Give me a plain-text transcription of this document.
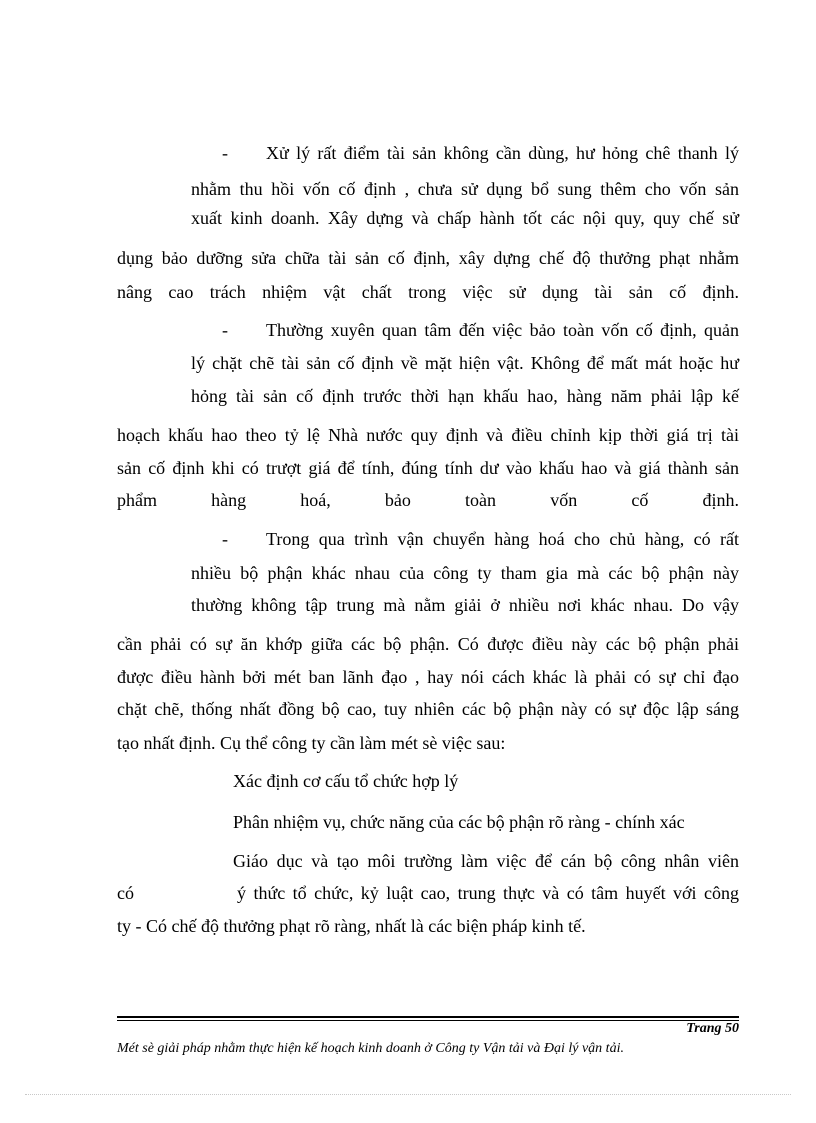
- Xử lý rất điểm tài sản không cần dùng, hư hỏng chê thanh lý
nhằm thu hồi vốn cố định , chưa sử dụng bổ sung thêm cho vốn sản
xuất kinh doanh. Xây dựng và chấp hành tốt các nội quy, quy chế sử
dụng bảo dưỡng sửa chữa tài sản cố định, xây dựng chế độ thưởng phạt nhằm
nâng cao trách nhiệm vật chất trong việc sử dụng tài sản cố định.
- Thường xuyên quan tâm đến việc bảo toàn vốn cố định, quản
lý chặt chẽ tài sản cố định về mặt hiện vật. Không để mất mát hoặc hư
hỏng tài sản cố định trước thời hạn khấu hao, hàng năm phải lập kế
hoạch khấu hao theo tỷ lệ Nhà nước quy định và điều chỉnh kịp thời giá trị tài
sản cố định khi có trượt giá để tính, đúng tính dư vào khấu hao và giá thành sản
phẩm hàng hoá, bảo toàn vốn cố định.
- Trong qua trình vận chuyển hàng hoá cho chủ hàng, có rất
nhiều bộ phận khác nhau của công ty tham gia mà các bộ phận này
thường không tập trung mà nằm giải ở nhiều nơi khác nhau. Do vậy
cần phải có sự ăn khớp giữa các bộ phận. Có được điều này các bộ phận phải
được điều hành bởi mét ban lãnh đạo , hay nói cách khác là phải có sự chỉ đạo
chặt chẽ, thống nhất đồng bộ cao, tuy nhiên các bộ phận này có sự độc lập sáng
tạo nhất định. Cụ thể công ty cần làm mét sè việc sau:
Xác định cơ cấu tổ chức hợp lý
Phân nhiệm vụ, chức năng của các bộ phận rõ ràng - chính xác
Giáo dục và tạo môi trường làm việc để cán bộ công nhân viên
có	ý thức tổ chức, kỷ luật cao, trung thực và có tâm huyết với công
ty - Có chế độ thưởng phạt rõ ràng, nhất là các biện pháp kinh tế.
Trang 50
Mét sè giải pháp nhằm thực hiện kế hoạch kinh doanh ở Công ty Vận tải và Đại lý vận tải.
